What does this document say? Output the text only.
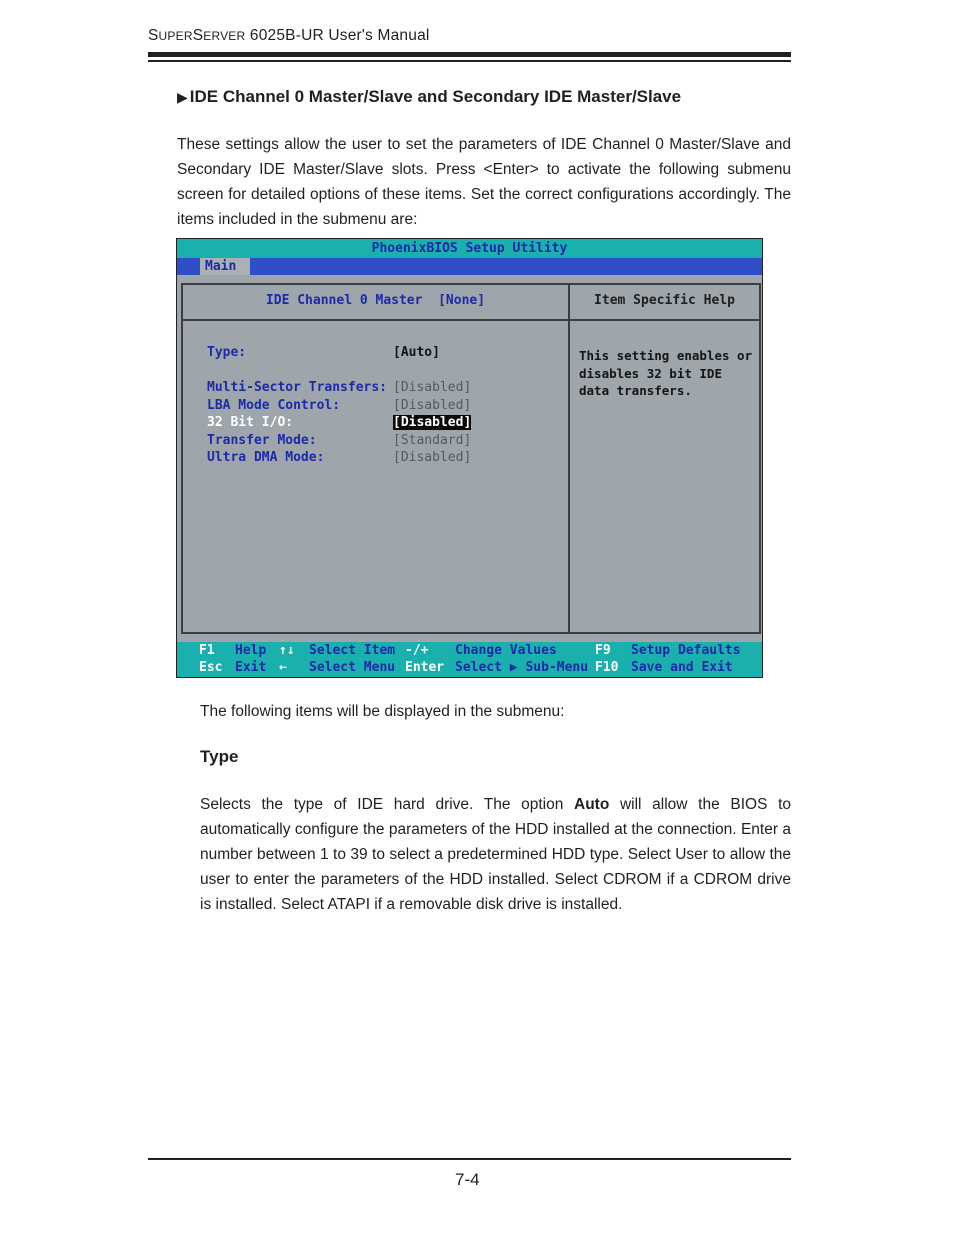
SUPERSERVER 6025B-UR User's Manual
▶ IDE Channel 0 Master/Slave and Secondary IDE Master/Slave

These settings allow the user to set the parameters of IDE Channel 0 Master/Slave and Secondary IDE Master/Slave slots. Press <Enter> to activate the following submenu screen for detailed options of these items. Set the correct configurations accordingly. The items included in the submenu are:

PhoenixBIOS Setup Utility
Main
IDE Channel 0 Master  [None]
Type:	[Auto]
Multi-Sector Transfers: [Disabled]
LBA Mode Control:	[Disabled]
32 Bit I/O:	[Disabled]
Transfer Mode:	[Standard]
Ultra DMA Mode:	[Disabled]
Item Specific Help
This setting enables or disables 32 bit IDE data transfers.
F1 Help ↑↓ Select Item -/+ Change Values	F9 Setup Defaults
Esc Exit ← Select Menu Enter Select ▶ Sub-Menu F10 Save and Exit
The following items will be displayed in the submenu:
Type

Selects the type of IDE hard drive. The option Auto will allow the BIOS to automatically configure the parameters of the HDD installed at the connection. Enter a number between 1 to 39 to select a predetermined HDD type. Select User to allow the user to enter the parameters of the HDD installed. Select CDROM if a CDROM drive is installed. Select ATAPI if a removable disk drive is installed.

7-4
